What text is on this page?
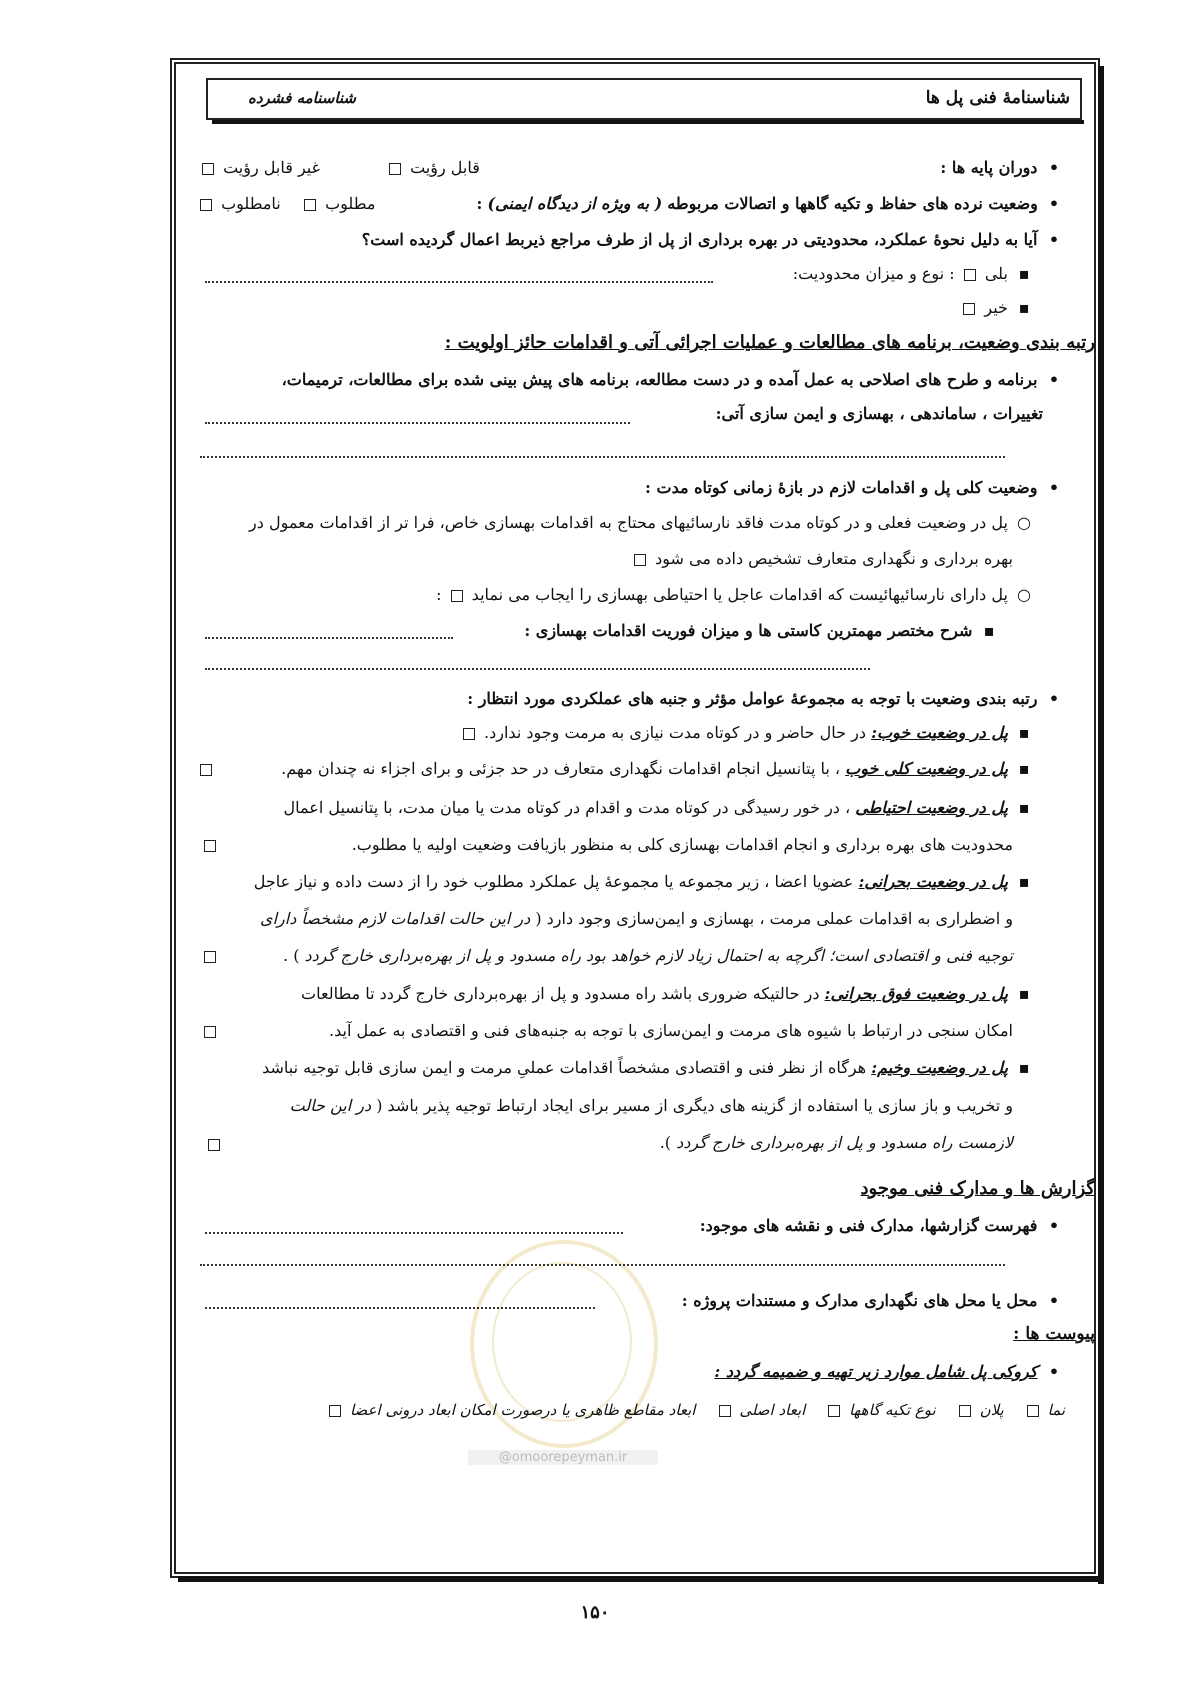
@omoorepeyman.ir
شناسنامهٔ فنی پل ها
شناسنامه فشرده
• دوران پایه ها :
قابل رؤیت
غیر قابل رؤیت
• وضعیت نرده های حفاظ و تکیه گاهها و اتصالات مربوطه ( به ویژه از دیدگاه ایمنی) :
مطلوب
نامطلوب
• آیا به دلیل نحوهٔ عملکرد، محدودیتی در بهره برداری از پل از طرف مراجع ذیربط اعمال گردیده است؟
▪ بلی  : نوع و میزان محدودیت:
▪ خیر
رتبه بندی وضعیت، برنامه های مطالعات و عملیات اجرائی آتی و اقدامات حائز اولویت :
• برنامه و طرح های اصلاحی به عمل آمده و در دست مطالعه، برنامه های پیش بینی شده برای مطالعات، ترمیمات،
تغییرات ، ساماندهی ، بهسازی و ایمن سازی آتی:
• وضعیت کلی پل و اقدامات لازم در بازهٔ زمانی کوتاه مدت :
○ پل در وضعیت فعلی و در کوتاه مدت فاقد نارسائیهای محتاج به اقدامات بهسازی خاص، فرا تر از اقدامات معمول در
بهره برداری و نگهداری متعارف تشخیص داده می شود
○ پل دارای نارسائیهائیست که اقدامات عاجل یا احتیاطی بهسازی را ایجاب می نماید  :
▪ شرح مختصر مهمترین کاستی ها و میزان فوریت اقدامات بهسازی :
• رتبه بندی وضعیت با توجه به مجموعهٔ عوامل مؤثر و جنبه های عملکردی مورد انتظار :
▪ پل در وضعیت خوب: در حال حاضر و در کوتاه مدت نیازی به مرمت وجود ندارد.
▪ پل در وضعیت کلی خوب ، با پتانسیل انجام اقدامات نگهداری متعارف در حد جزئی و برای اجزاء نه چندان مهم.
▪ پل در وضعیت احتیاطی ، در خور رسیدگی در کوتاه مدت و اقدام در کوتاه مدت یا میان مدت، با پتانسیل اعمال
محدودیت های بهره برداری و انجام اقدامات بهسازی کلی به منظور بازیافت وضعیت اولیه یا مطلوب.
▪ پل در وضعیت بحرانی: عضویا اعضا ، زیر مجموعه یا مجموعهٔ پل عملکرد مطلوب خود را از دست داده و نیاز عاجل
و اضطراری به اقدامات عملی مرمت ، بهسازی و ایمن‌سازی وجود دارد ( در این حالت اقدامات لازم مشخصاً دارای
توجیه فنی و اقتصادی است؛ اگرچه به احتمال زیاد لازم خواهد بود راه مسدود و پل از بهره‌برداری خارج گردد ) .
▪ پل در وضعیت فوق بحرانی: در حالتیکه ضروری باشد راه مسدود و پل از بهره‌برداری خارج گردد تا مطالعات
امکان سنجی در ارتباط با شیوه های مرمت و ایمن‌سازی با توجه به جنبه‌های فنی و اقتصادی به عمل آید.
▪ پل در وضعیت وخیم: هرگاه از نظر فنی و اقتصادی مشخصاً اقدامات عملیِ مرمت و ایمن سازی قابل توجیه نباشد
و تخریب و باز سازی یا استفاده از گزینه های دیگری از مسیر برای ایجاد ارتباط توجیه پذیر باشد ( در این حالت
لازمست راه مسدود و پل از بهره‌برداری خارج گردد ).
گزارش ها و مدارک فنی موجود
• فهرست گزارشها، مدارک فنی و نقشه های موجود:
• محل یا محل های نگهداری مدارک و مستندات پروژه :
پیوست ها :
• کروکی پل شامل موارد زیر تهیه و ضمیمه گردد :
نما     پلان     نوع تکیه گاهها     ابعاد اصلی     ابعاد مقاطع ظاهری یا درصورت امکان ابعاد درونی اعضا
۱۵۰
